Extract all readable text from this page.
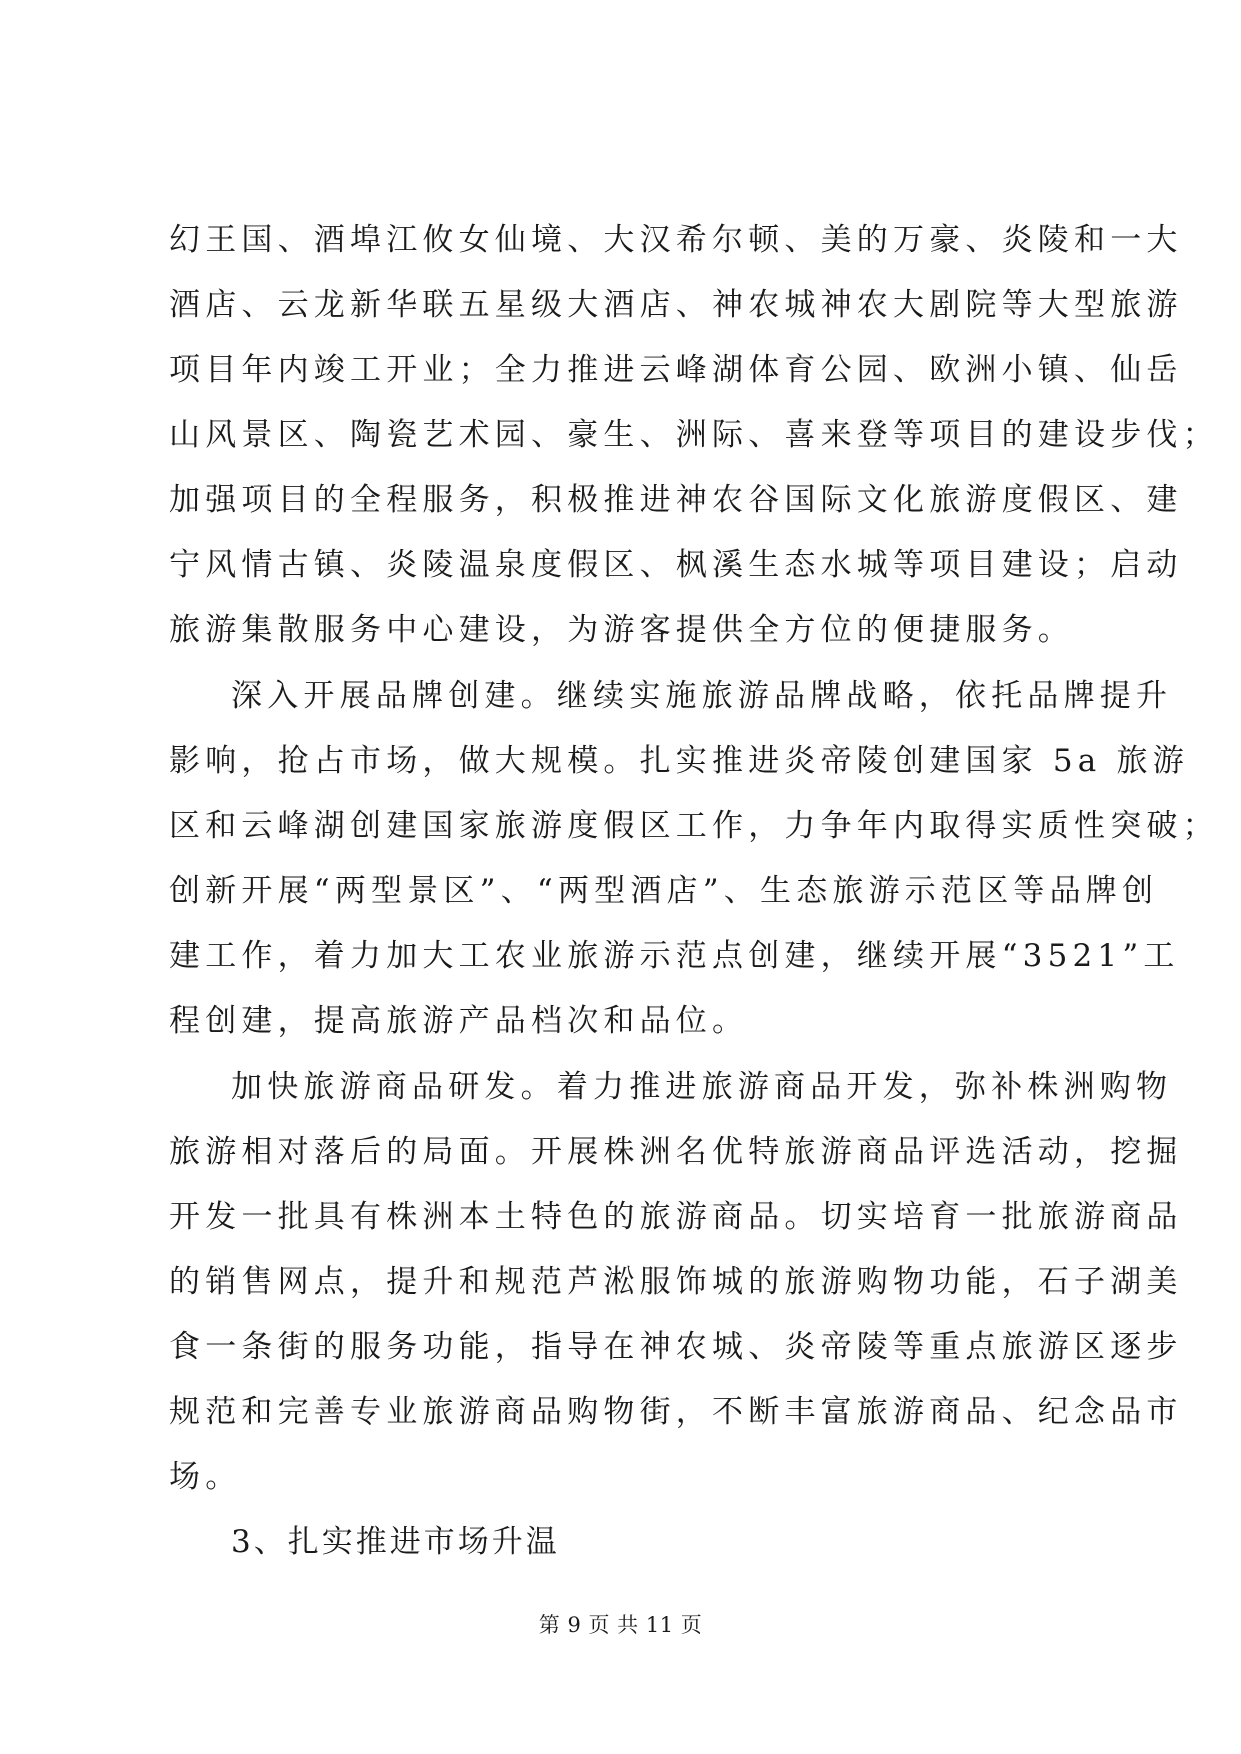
幻王国、酒埠江攸女仙境、大汉希尔顿、美的万豪、炎陵和一大
酒店、云龙新华联五星级大酒店、神农城神农大剧院等大型旅游
项目年内竣工开业；全力推进云峰湖体育公园、欧洲小镇、仙岳
山风景区、陶瓷艺术园、豪生、洲际、喜来登等项目的建设步伐；
加强项目的全程服务，积极推进神农谷国际文化旅游度假区、建
宁风情古镇、炎陵温泉度假区、枫溪生态水城等项目建设；启动
旅游集散服务中心建设，为游客提供全方位的便捷服务。
深入开展品牌创建。继续实施旅游品牌战略，依托品牌提升
影响，抢占市场，做大规模。扎实推进炎帝陵创建国家 5a 旅游
区和云峰湖创建国家旅游度假区工作，力争年内取得实质性突破；
创新开展“两型景区”、“两型酒店”、生态旅游示范区等品牌创
建工作，着力加大工农业旅游示范点创建，继续开展“3521”工
程创建，提高旅游产品档次和品位。
加快旅游商品研发。着力推进旅游商品开发，弥补株洲购物
旅游相对落后的局面。开展株洲名优特旅游商品评选活动，挖掘
开发一批具有株洲本土特色的旅游商品。切实培育一批旅游商品
的销售网点，提升和规范芦淞服饰城的旅游购物功能，石子湖美
食一条街的服务功能，指导在神农城、炎帝陵等重点旅游区逐步
规范和完善专业旅游商品购物街，不断丰富旅游商品、纪念品市
场。
3、扎实推进市场升温
第 9 页 共 11 页
